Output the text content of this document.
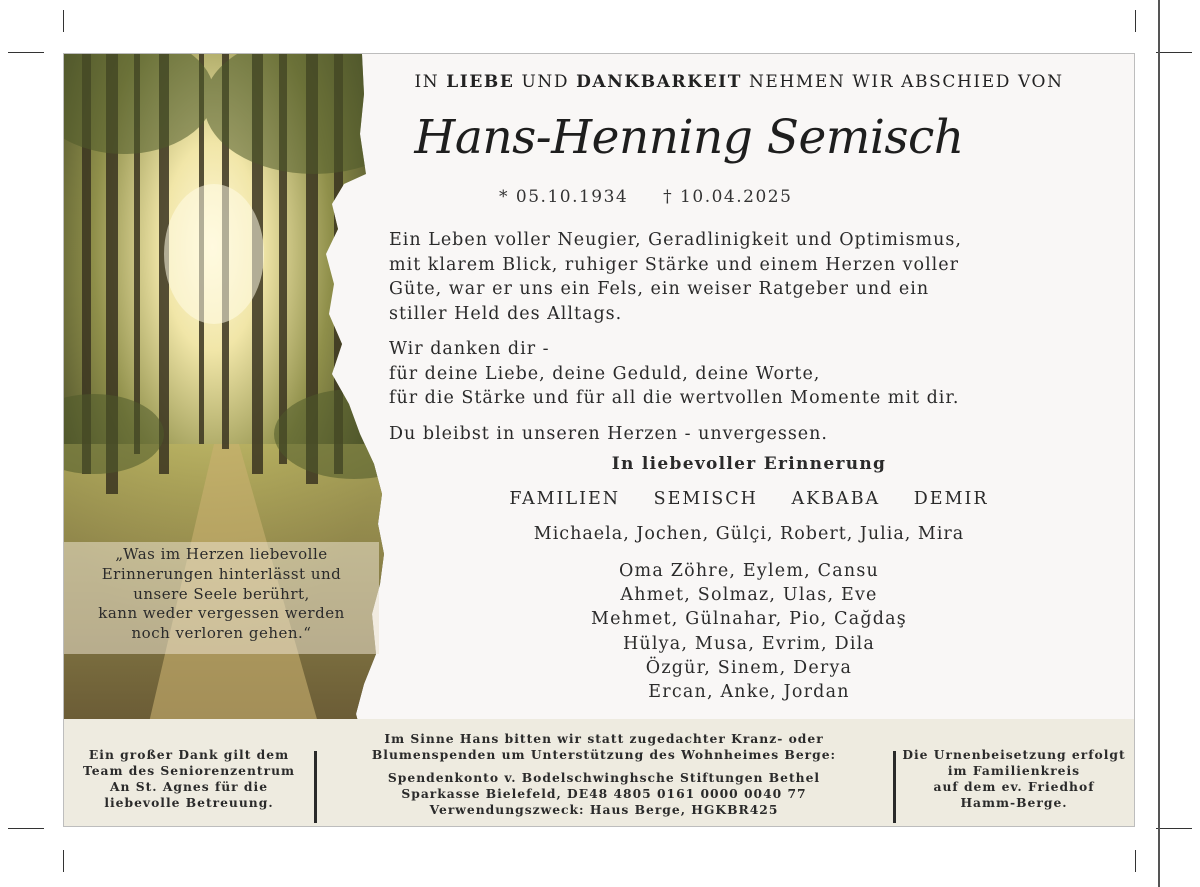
„Was im Herzen liebevolle
Erinnerungen hinterlässt und
unsere Seele berührt,
kann weder vergessen werden
noch verloren gehen.“
IN LIEBE UND DANKBARKEIT NEHMEN WIR ABSCHIED VON
Hans-Henning Semisch
* 05.10.1934 † 10.04.2025

Ein Leben voller Neugier, Geradlinigkeit und Optimismus,
mit klarem Blick, ruhiger Stärke und einem Herzen voller
Güte, war er uns ein Fels, ein weiser Ratgeber und ein
stiller Held des Alltags.

Wir danken dir -
für deine Liebe, deine Geduld, deine Worte,
für die Stärke und für all die wertvollen Momente mit dir.

Du bleibst in unseren Herzen - unvergessen.

In liebevoller Erinnerung
FAMILIEN SEMISCH AKBABA DEMIR
Michaela, Jochen, Gülçi, Robert, Julia, Mira
Oma Zöhre, Eylem, Cansu
Ahmet, Solmaz, Ulas, Eve
Mehmet, Gülnahar, Pio, Cağdaş
Hülya, Musa, Evrim, Dila
Özgür, Sinem, Derya
Ercan, Anke, Jordan
Ein großer Dank gilt dem
Team des Seniorenzentrum
An St. Agnes für die
liebevolle Betreuung.
Im Sinne Hans bitten wir statt zugedachter Kranz- oder
Blumenspenden um Unterstützung des Wohnheimes Berge:
Spendenkonto v. Bodelschwinghsche Stiftungen Bethel
Sparkasse Bielefeld, DE48 4805 0161 0000 0040 77
Verwendungszweck: Haus Berge, HGKBR425
Die Urnenbeisetzung erfolgt
im Familienkreis
auf dem ev. Friedhof
Hamm-Berge.
